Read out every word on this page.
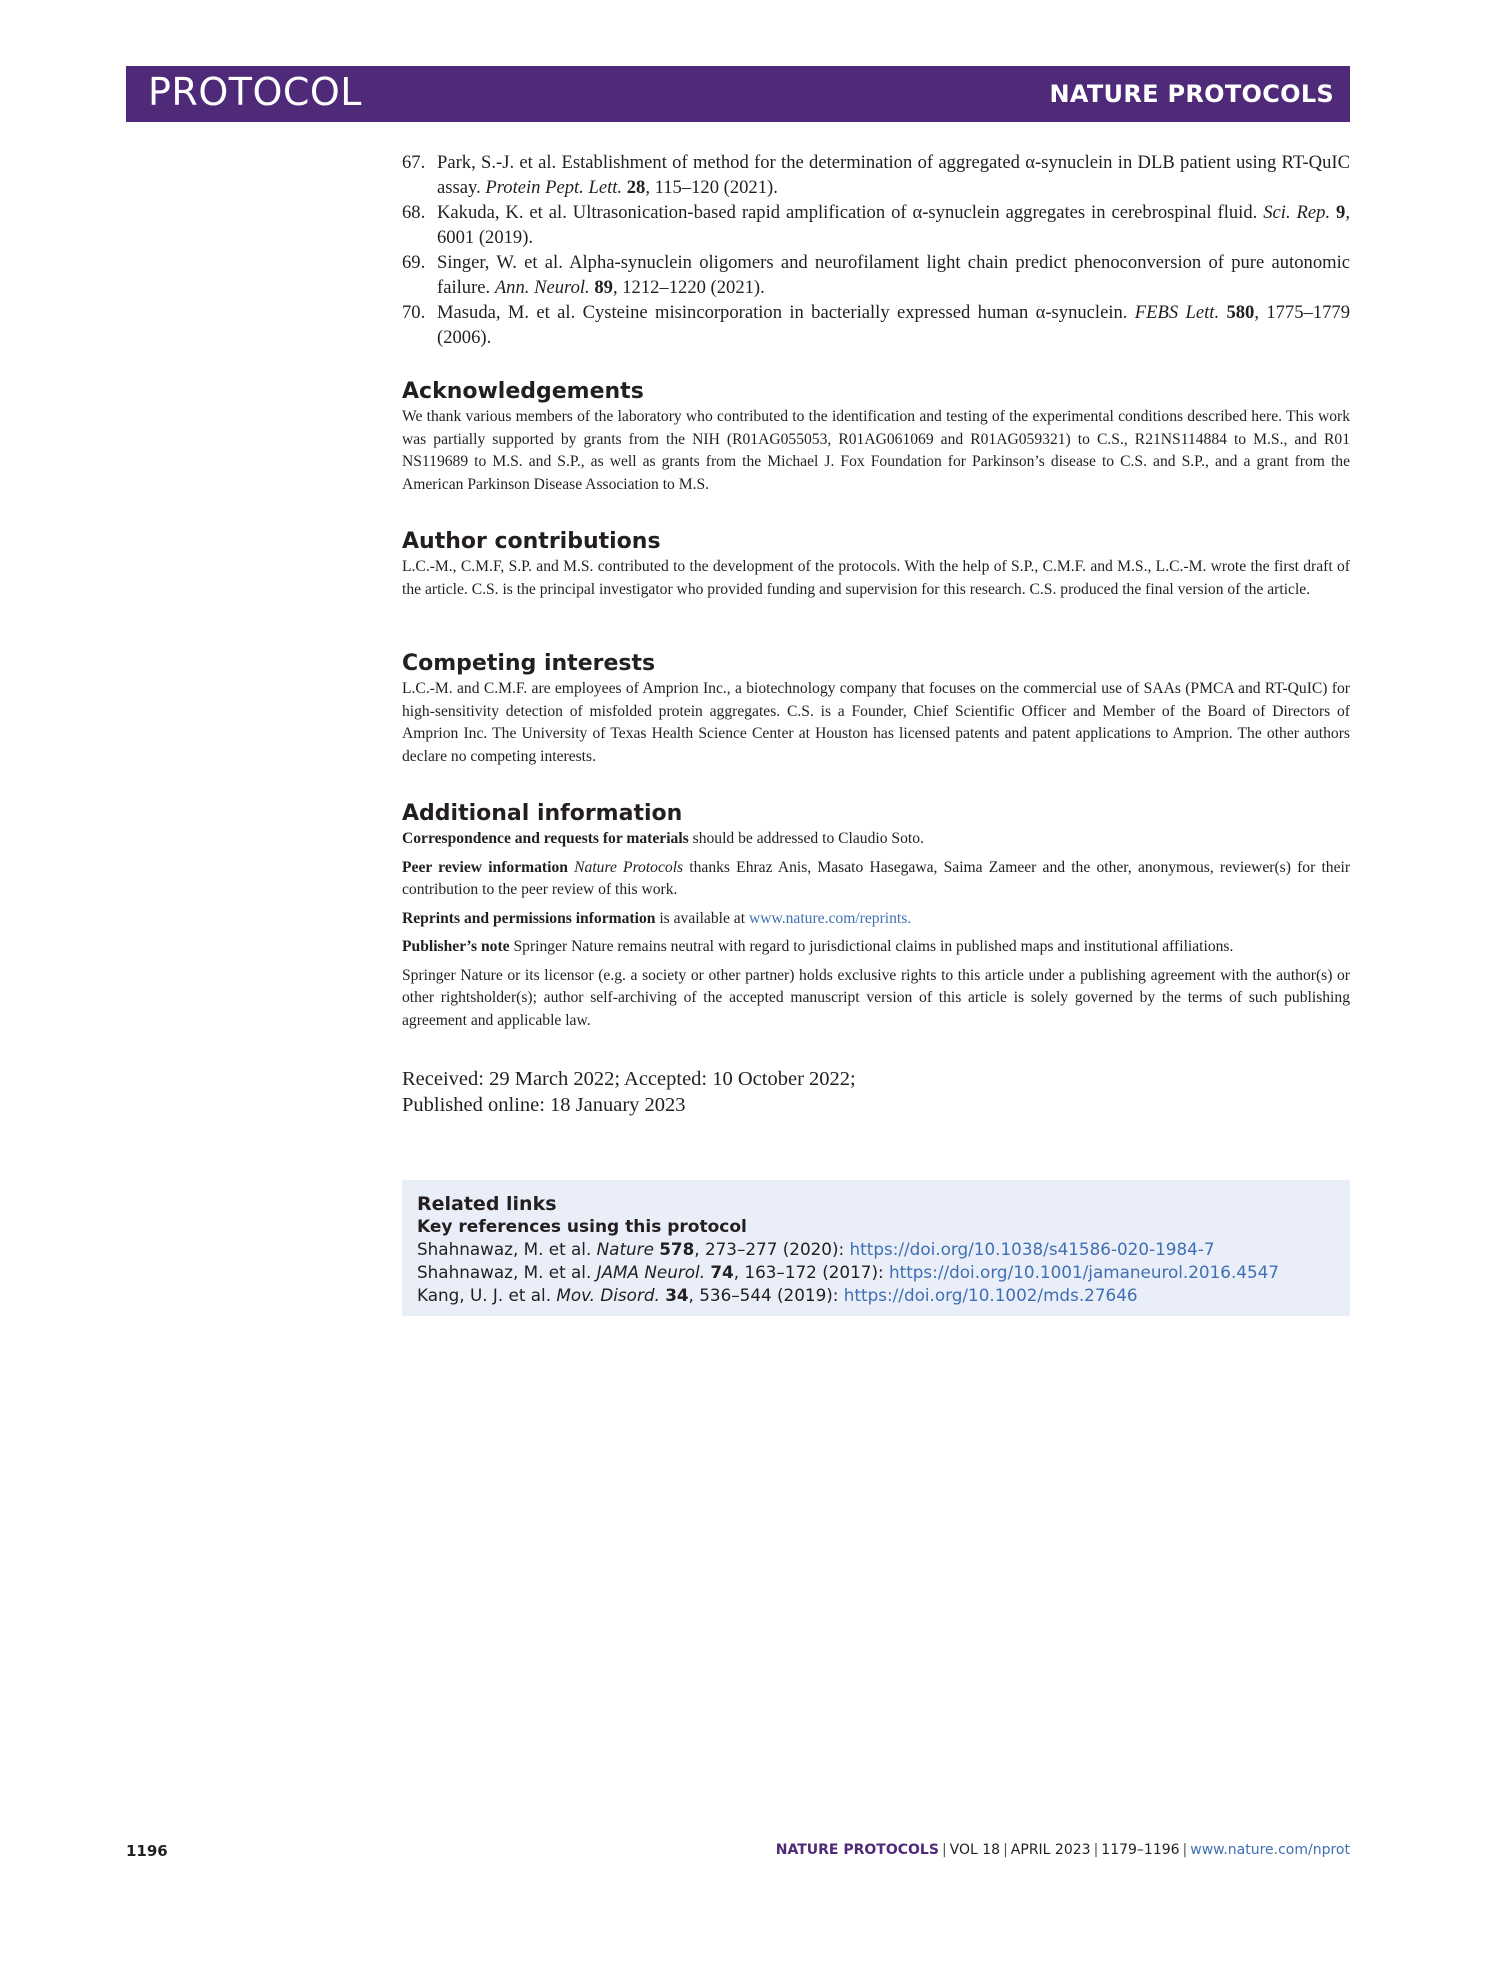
PROTOCOL	NATURE PROTOCOLS
67. Park, S.-J. et al. Establishment of method for the determination of aggregated α-synuclein in DLB patient using RT-QuIC assay. Protein Pept. Lett. 28, 115–120 (2021).
68. Kakuda, K. et al. Ultrasonication-based rapid amplification of α-synuclein aggregates in cerebrospinal fluid. Sci. Rep. 9, 6001 (2019).
69. Singer, W. et al. Alpha-synuclein oligomers and neurofilament light chain predict phenoconversion of pure autonomic failure. Ann. Neurol. 89, 1212–1220 (2021).
70. Masuda, M. et al. Cysteine misincorporation in bacterially expressed human α-synuclein. FEBS Lett. 580, 1775–1779 (2006).
Acknowledgements

We thank various members of the laboratory who contributed to the identification and testing of the experimental conditions described here. This work was partially supported by grants from the NIH (R01AG055053, R01AG061069 and R01AG059321) to C.S., R21NS114884 to M.S., and R01 NS119689 to M.S. and S.P., as well as grants from the Michael J. Fox Foundation for Parkinson’s disease to C.S. and S.P., and a grant from the American Parkinson Disease Association to M.S.

Author contributions

L.C.-M., C.M.F, S.P. and M.S. contributed to the development of the protocols. With the help of S.P., C.M.F. and M.S., L.C.-M. wrote the first draft of the article. C.S. is the principal investigator who provided funding and supervision for this research. C.S. produced the final version of the article.

Competing interests

L.C.-M. and C.M.F. are employees of Amprion Inc., a biotechnology company that focuses on the commercial use of SAAs (PMCA and RT-QuIC) for high-sensitivity detection of misfolded protein aggregates. C.S. is a Founder, Chief Scientific Officer and Member of the Board of Directors of Amprion Inc. The University of Texas Health Science Center at Houston has licensed patents and patent applications to Amprion. The other authors declare no competing interests.

Additional information

Correspondence and requests for materials should be addressed to Claudio Soto.

Peer review information Nature Protocols thanks Ehraz Anis, Masato Hasegawa, Saima Zameer and the other, anonymous, reviewer(s) for their contribution to the peer review of this work.

Reprints and permissions information is available at www.nature.com/reprints.

Publisher’s note Springer Nature remains neutral with regard to jurisdictional claims in published maps and institutional affiliations.

Springer Nature or its licensor (e.g. a society or other partner) holds exclusive rights to this article under a publishing agreement with the author(s) or other rightsholder(s); author self-archiving of the accepted manuscript version of this article is solely governed by the terms of such publishing agreement and applicable law.

Received: 29 March 2022; Accepted: 10 October 2022;
Published online: 18 January 2023
Related links
Key references using this protocol
Shahnawaz, M. et al. Nature 578, 273–277 (2020): https://doi.org/10.1038/s41586-020-1984-7
Shahnawaz, M. et al. JAMA Neurol. 74, 163–172 (2017): https://doi.org/10.1001/jamaneurol.2016.4547
Kang, U. J. et al. Mov. Disord. 34, 536–544 (2019): https://doi.org/10.1002/mds.27646
1196	NATURE PROTOCOLS | VOL 18 | APRIL 2023 | 1179–1196 | www.nature.com/nprot
